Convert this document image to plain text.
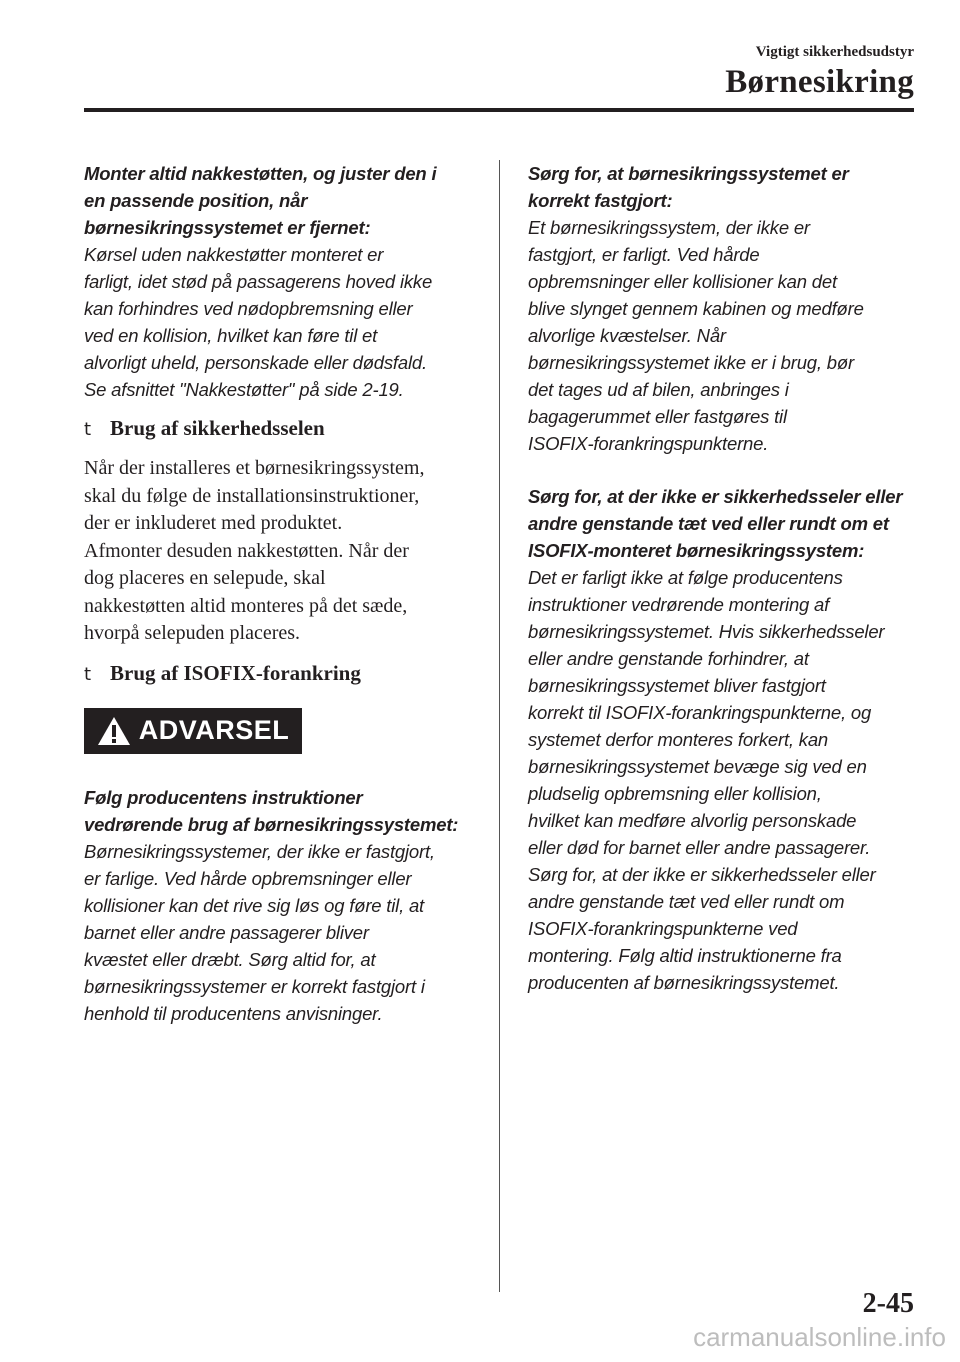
Vigtigt sikkerhedsudstyr
Børnesikring
Monter altid nakkestøtten, og juster den i
en passende position, når
børnesikringssystemet er fjernet:
Kørsel uden nakkestøtter monteret er
farligt, idet stød på passagerens hoved ikke
kan forhindres ved nødopbremsning eller
ved en kollision, hvilket kan føre til et
alvorligt uheld, personskade eller dødsfald.
Se afsnittet "Nakkestøtter" på side 2-19.
t Brug af sikkerhedsselen
Når der installeres et børnesikringssystem,
skal du følge de installationsinstruktioner,
der er inkluderet med produktet.
Afmonter desuden nakkestøtten. Når der
dog placeres en selepude, skal
nakkestøtten altid monteres på det sæde,
hvorpå selepuden placeres.
t Brug af ISOFIX-forankring
ADVARSEL
Følg producentens instruktioner
vedrørende brug af børnesikringssystemet:
Børnesikringssystemer, der ikke er fastgjort,
er farlige. Ved hårde opbremsninger eller
kollisioner kan det rive sig løs og føre til, at
barnet eller andre passagerer bliver
kvæstet eller dræbt. Sørg altid for, at
børnesikringssystemer er korrekt fastgjort i
henhold til producentens anvisninger.
Sørg for, at børnesikringssystemet er
korrekt fastgjort:
Et børnesikringssystem, der ikke er
fastgjort, er farligt. Ved hårde
opbremsninger eller kollisioner kan det
blive slynget gennem kabinen og medføre
alvorlige kvæstelser. Når
børnesikringssystemet ikke er i brug, bør
det tages ud af bilen, anbringes i
bagagerummet eller fastgøres til
ISOFIX-forankringspunkterne.
Sørg for, at der ikke er sikkerhedsseler eller
andre genstande tæt ved eller rundt om et
ISOFIX-monteret børnesikringssystem:
Det er farligt ikke at følge producentens
instruktioner vedrørende montering af
børnesikringssystemet. Hvis sikkerhedsseler
eller andre genstande forhindrer, at
børnesikringssystemet bliver fastgjort
korrekt til ISOFIX-forankringspunkterne, og
systemet derfor monteres forkert, kan
børnesikringssystemet bevæge sig ved en
pludselig opbremsning eller kollision,
hvilket kan medføre alvorlig personskade
eller død for barnet eller andre passagerer.
Sørg for, at der ikke er sikkerhedsseler eller
andre genstande tæt ved eller rundt om
ISOFIX-forankringspunkterne ved
montering. Følg altid instruktionerne fra
producenten af børnesikringssystemet.
2-45
carmanualsonline.info
